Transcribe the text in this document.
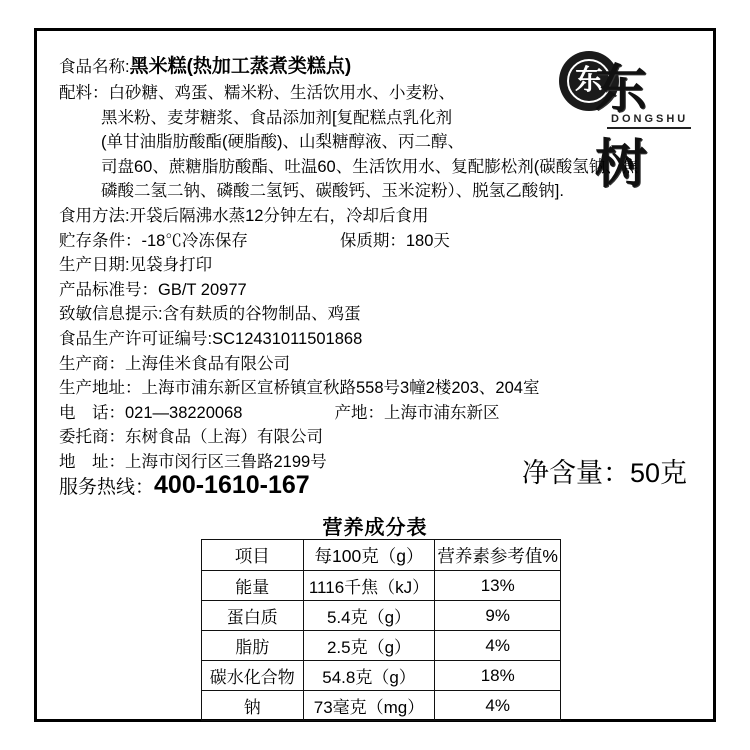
东
东树
DONGSHU
食品名称:黑米糕(热加工蒸煮类糕点)
配料：白砂糖、鸡蛋、糯米粉、生活饮用水、小麦粉、
黑米粉、麦芽糖浆、食品添加剂[复配糕点乳化剂
(单甘油脂肪酸酯(硬脂酸)、山梨糖醇液、丙二醇、
司盘60、蔗糖脂肪酸酯、吐温60、生活饮用水、复配膨松剂(碳酸氢钠、焦
磷酸二氢二钠、磷酸二氢钙、碳酸钙、玉米淀粉）、脱氢乙酸钠].
食用方法:开袋后隔沸水蒸12分钟左右，冷却后食用
贮存条件：-18℃冷冻保存	保质期：180天
生产日期:见袋身打印
产品标准号：GB/T 20977
致敏信息提示:含有麸质的谷物制品、鸡蛋
食品生产许可证编号:SC12431011501868
生产商：上海佳米食品有限公司
生产地址：上海市浦东新区宣桥镇宣秋路558号3幢2楼203、204室
电　话：021—38220068	产地：上海市浦东新区
委托商：东树食品（上海）有限公司
地　址：上海市闵行区三鲁路2199号
服务热线：400-1610-167	净含量：50克
营养成分表
项目	每100克（g）	营养素参考值%
能量	1116千焦（kJ）	13%
蛋白质	5.4克（g）	9%
脂肪	2.5克（g）	4%
碳水化合物	54.8克（g）	18%
钠	73毫克（mg）	4%
